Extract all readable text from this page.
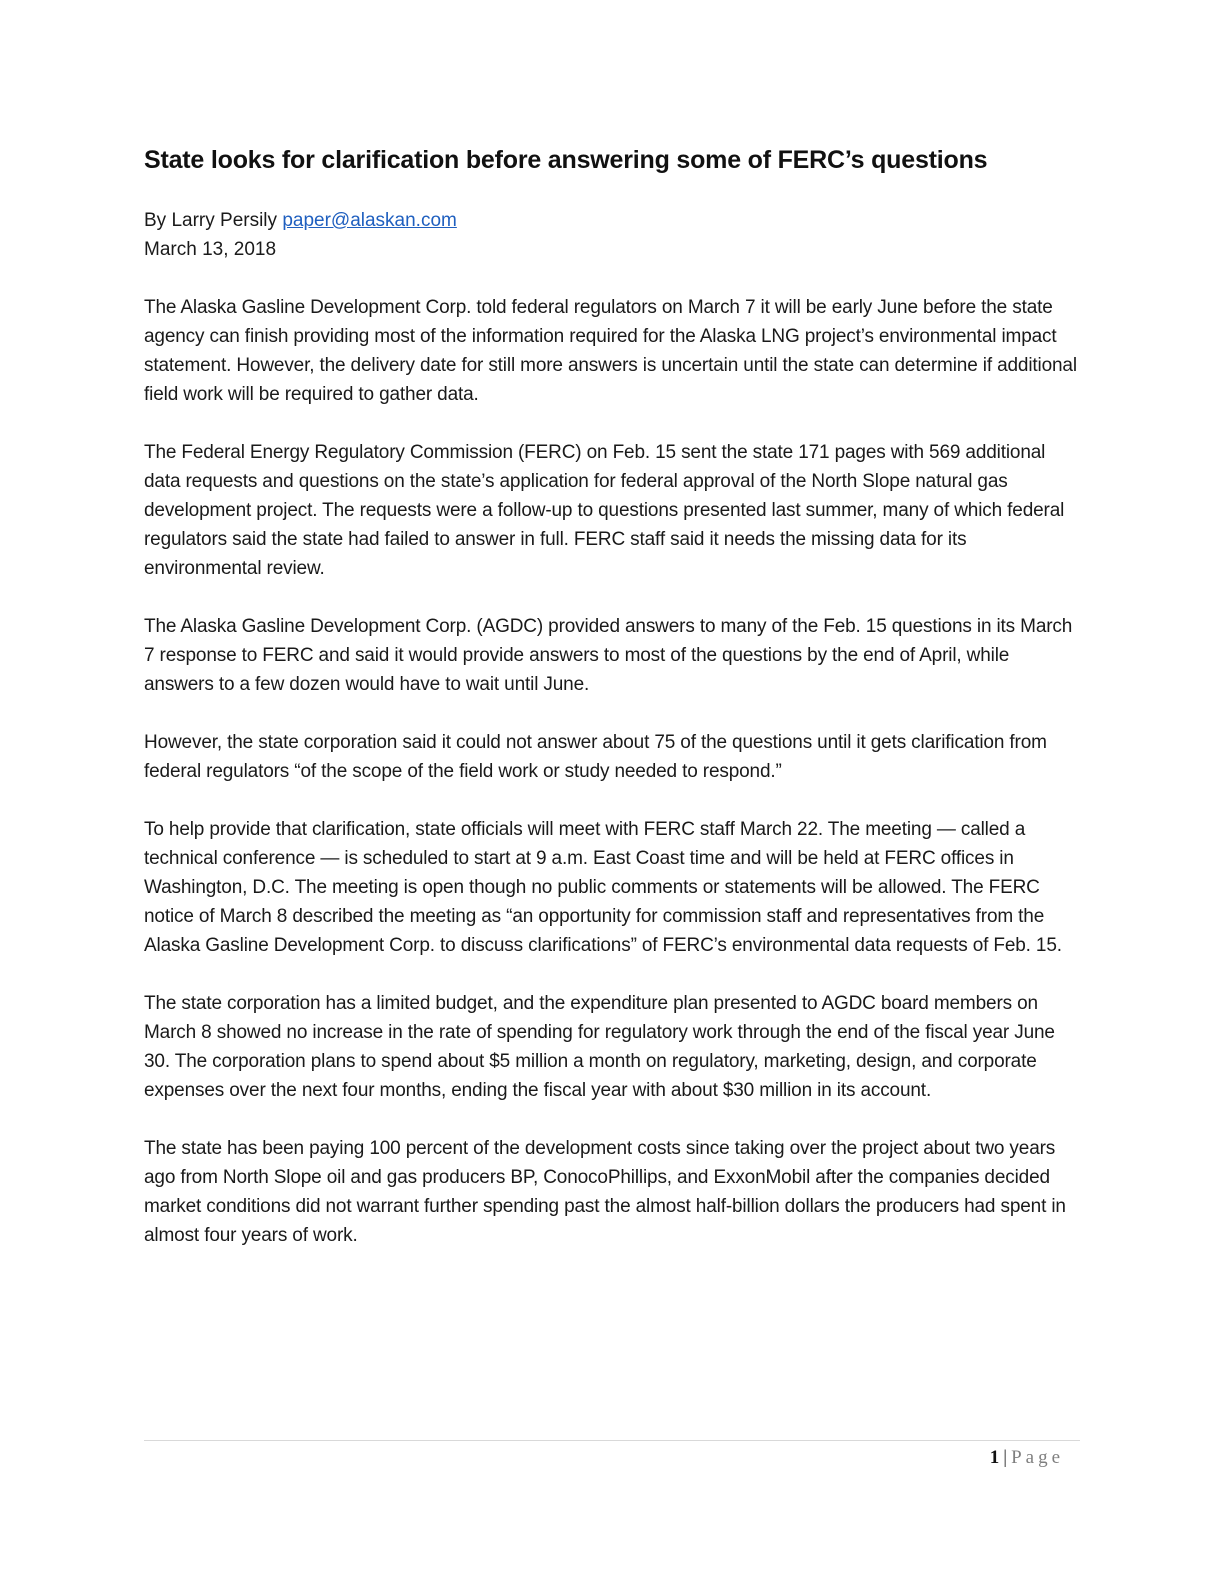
State looks for clarification before answering some of FERC’s questions

By Larry Persily paper@alaskan.com

March 13, 2018

The Alaska Gasline Development Corp. told federal regulators on March 7 it will be early June before the state agency can finish providing most of the information required for the Alaska LNG project’s environmental impact statement. However, the delivery date for still more answers is uncertain until the state can determine if additional field work will be required to gather data.

The Federal Energy Regulatory Commission (FERC) on Feb. 15 sent the state 171 pages with 569 additional data requests and questions on the state’s application for federal approval of the North Slope natural gas development project. The requests were a follow-up to questions presented last summer, many of which federal regulators said the state had failed to answer in full. FERC staff said it needs the missing data for its environmental review.

The Alaska Gasline Development Corp. (AGDC) provided answers to many of the Feb. 15 questions in its March 7 response to FERC and said it would provide answers to most of the questions by the end of April, while answers to a few dozen would have to wait until June.

However, the state corporation said it could not answer about 75 of the questions until it gets clarification from federal regulators “of the scope of the field work or study needed to respond.”

To help provide that clarification, state officials will meet with FERC staff March 22. The meeting — called a technical conference — is scheduled to start at 9 a.m. East Coast time and will be held at FERC offices in Washington, D.C. The meeting is open though no public comments or statements will be allowed. The FERC notice of March 8 described the meeting as “an opportunity for commission staff and representatives from the Alaska Gasline Development Corp. to discuss clarifications” of FERC’s environmental data requests of Feb. 15.

The state corporation has a limited budget, and the expenditure plan presented to AGDC board members on March 8 showed no increase in the rate of spending for regulatory work through the end of the fiscal year June 30. The corporation plans to spend about $5 million a month on regulatory, marketing, design, and corporate expenses over the next four months, ending the fiscal year with about $30 million in its account.

The state has been paying 100 percent of the development costs since taking over the project about two years ago from North Slope oil and gas producers BP, ConocoPhillips, and ExxonMobil after the companies decided market conditions did not warrant further spending past the almost half-billion dollars the producers had spent in almost four years of work.

1 | Page
